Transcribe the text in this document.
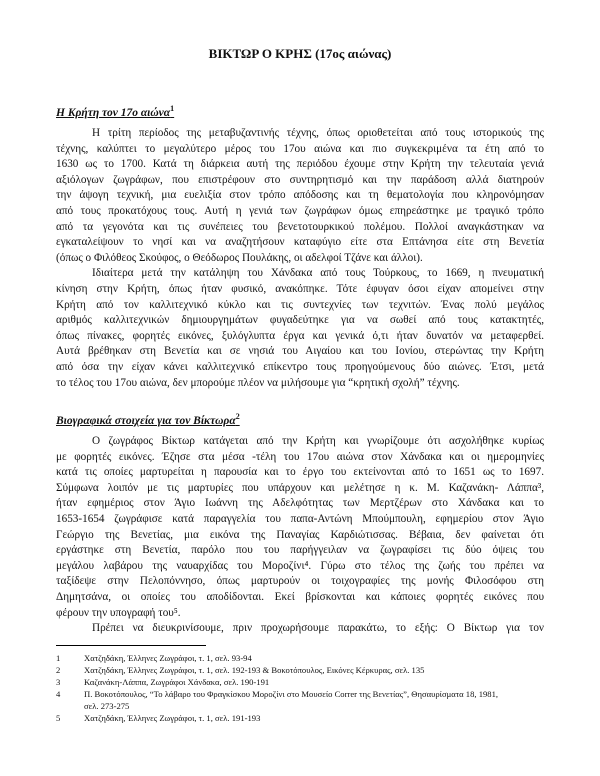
ΒΙΚΤΩΡ Ο ΚΡΗΣ (17ος αιώνας)
Η Κρήτη τον 17ο αιώνα$^1$
Η τρίτη περίοδος της μεταβυζαντινής τέχνης, όπως οριοθετείται από τους ιστορικούς της
τέχνης, καλύπτει το μεγαλύτερο μέρος του 17ου αιώνα και πιο συγκεκριμένα τα έτη από το
1630 ως το 1700. Κατά τη διάρκεια αυτή της περιόδου έχουμε στην Κρήτη την τελευταία γενιά
αξιόλογων ζωγράφων, που επιστρέφουν στο συντηρητισμό και την παράδοση αλλά διατηρούν
την άψογη τεχνική, μια ευελιξία στον τρόπο απόδοσης και τη θεματολογία που κληρονόμησαν
από τους προκατόχους τους. Αυτή η γενιά των ζωγράφων όμως επηρεάστηκε με τραγικό τρόπο
από τα γεγονότα και τις συνέπειες του βενετοτουρκικού πολέμου. Πολλοί αναγκάστηκαν να
εγκαταλείψουν το νησί και να αναζητήσουν καταφύγιο είτε στα Επτάνησα είτε στη Βενετία
(όπως ο Φιλόθεος Σκούφος, ο Θεόδωρος Πουλάκης, οι αδελφοί Τζάνε και άλλοι).
Ιδιαίτερα μετά την κατάληψη του Χάνδακα από τους Τούρκους, το 1669, η πνευματική
κίνηση στην Κρήτη, όπως ήταν φυσικό, ανακόπηκε. Τότε έφυγαν όσοι είχαν απομείνει στην
Κρήτη από τον καλλιτεχνικό κύκλο και τις συντεχνίες των τεχνιτών. Ένας πολύ μεγάλος
αριθμός καλλιτεχνικών δημιουργημάτων φυγαδεύτηκε για να σωθεί από τους κατακτητές,
όπως πίνακες, φορητές εικόνες, ξυλόγλυπτα έργα και γενικά ό,τι ήταν δυνατόν να μεταφερθεί.
Αυτά βρέθηκαν στη Βενετία και σε νησιά του Αιγαίου και του Ιονίου, στερώντας την Κρήτη
από όσα την είχαν κάνει καλλιτεχνικό επίκεντρο τους προηγούμενους δύο αιώνες. Έτσι, μετά
το τέλος του 17ου αιώνα, δεν μπορούμε πλέον να μιλήσουμε για “κρητική σχολή” τέχνης.
Βιογραφικά στοιχεία για τον Βίκτωρα$^2$
Ο ζωγράφος Βίκτωρ κατάγεται από την Κρήτη και γνωρίζουμε ότι ασχολήθηκε κυρίως
με φορητές εικόνες. Έζησε στα μέσα -τέλη του 17ου αιώνα στον Χάνδακα και οι ημερομηνίες
κατά τις οποίες μαρτυρείται η παρουσία και το έργο του εκτείνονται από το 1651 ως το 1697.
Σύμφωνα λοιπόν με τις μαρτυρίες που υπάρχουν και μελέτησε η κ. Μ. Καζανάκη- Λάππα³,
ήταν εφημέριος στον Άγιο Ιωάννη της Αδελφότητας των Μερτζέρων στο Χάνδακα και το
1653-1654 ζωγράφισε κατά παραγγελία του παπα-Αντώνη Μπούμπουλη, εφημερίου στον Άγιο
Γεώργιο της Βενετίας, μια εικόνα της Παναγίας Καρδιώτισσας. Βέβαια, δεν φαίνεται ότι
εργάστηκε στη Βενετία, παρόλο που του παρήγγειλαν να ζωγραφίσει τις δύο όψεις του
μεγάλου λαβάρου της ναυαρχίδας του Μοροζίνι⁴. Γύρω στο τέλος της ζωής του πρέπει να
ταξίδεψε στην Πελοπόννησο, όπως μαρτυρούν οι τοιχογραφίες της μονής Φιλοσόφου στη
Δημητσάνα, οι οποίες του αποδίδονται. Εκεί βρίσκονται και κάποιες φορητές εικόνες που
φέρουν την υπογραφή του⁵.
Πρέπει να διευκρινίσουμε, πριν προχωρήσουμε παρακάτω, το εξής: Ο Βίκτωρ για τον
1	Χατζηδάκη, Έλληνες Ζωγράφοι, τ. 1, σελ. 93-94
2	Χατζηδάκη, Έλληνες Ζωγράφοι, τ. 1, σελ. 192-193 & Βοκοτόπουλος, Εικόνες Κέρκυρας, σελ. 135
3	Καζανάκη-Λάππα, Ζωγράφοι Χάνδακα, σελ. 190-191
4	Π. Βοκοτόπουλος, “Το λάβαρο του Φραγκίσκου Μοροζίνι στο Μουσείο Correr της Βενετίας”, Θησαυρίσματα 18, 1981,
σελ. 273-275
5	Χατζηδάκη, Έλληνες Ζωγράφοι, τ. 1, σελ. 191-193
